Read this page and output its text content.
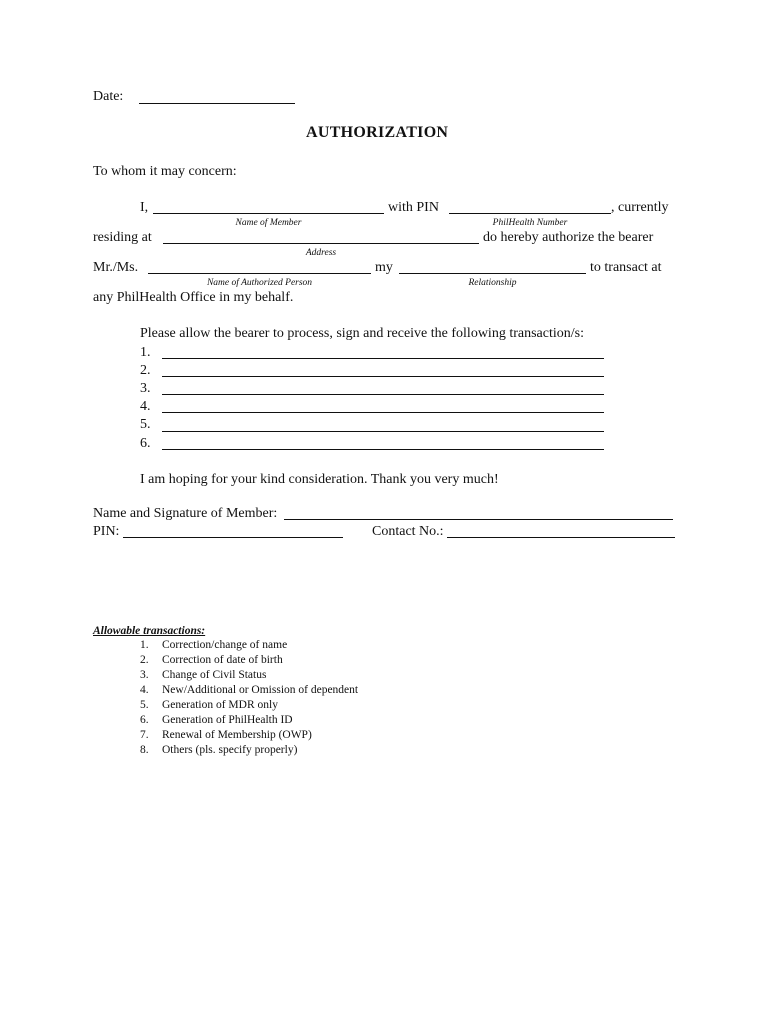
Date:
AUTHORIZATION
To whom it may concern:
I,	with PIN	, currently
Name of Member	PhilHealth Number
residing at	do hereby authorize the bearer
Address
Mr./Ms.	my	to transact at
Name of Authorized Person	Relationship
any PhilHealth Office in my behalf.
Please allow the bearer to process, sign and receive the following transaction/s:
1.
2.
3.
4.
5.
6.
I am hoping for your kind consideration. Thank you very much!
Name and Signature of Member:
PIN:	Contact No.:
Allowable transactions:
1. Correction/change of name
2. Correction of date of birth
3. Change of Civil Status
4. New/Additional or Omission of dependent
5. Generation of MDR only
6. Generation of PhilHealth ID
7. Renewal of Membership (OWP)
8. Others (pls. specify properly)
